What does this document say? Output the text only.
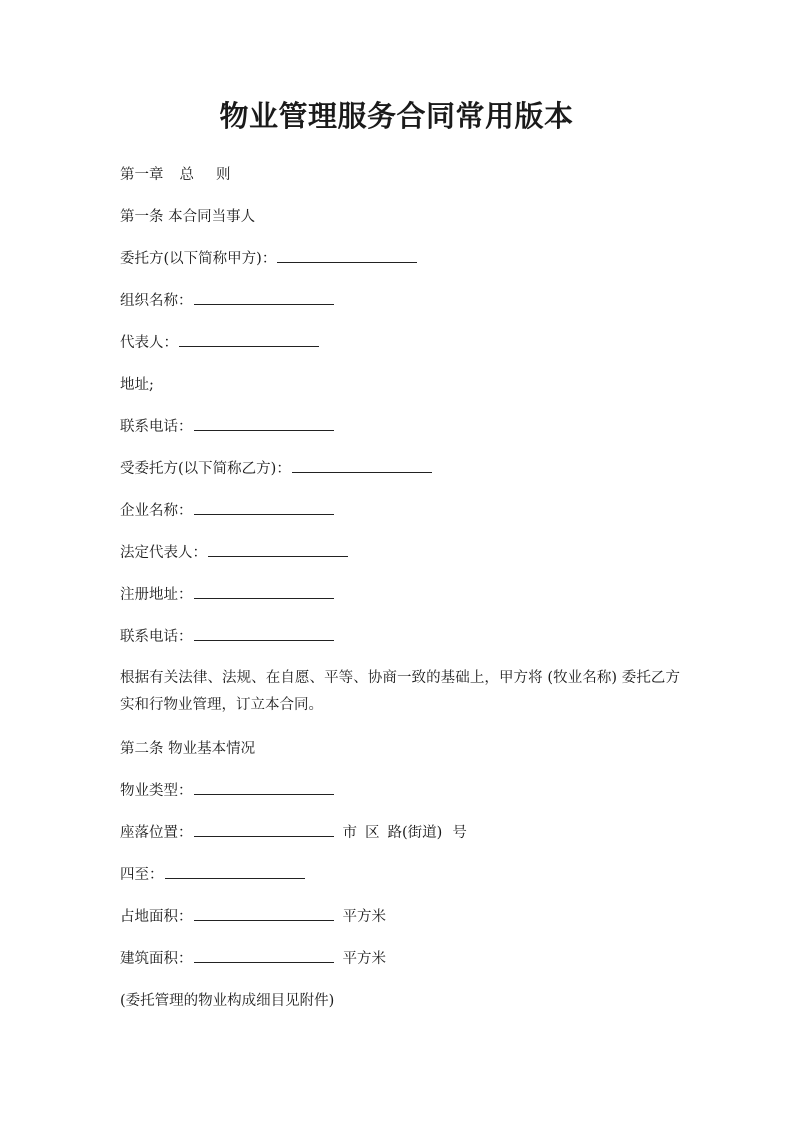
物业管理服务合同常用版本
第一章 总 则
第一条 本合同当事人
委托方(以下简称甲方)：
组织名称：
代表人：
地址;
联系电话：
受委托方(以下简称乙方)：
企业名称：
法定代表人：
注册地址：
联系电话：
根据有关法律、法规、在自愿、平等、协商一致的基础上，甲方将 (牧业名称) 委托乙方实和行物业管理，订立本合同。
第二条 物业基本情况
物业类型：
座落位置：	市 区 路(街道) 号
四至：
占地面积：	平方米
建筑面积：	平方米
(委托管理的物业构成细目见附件)
